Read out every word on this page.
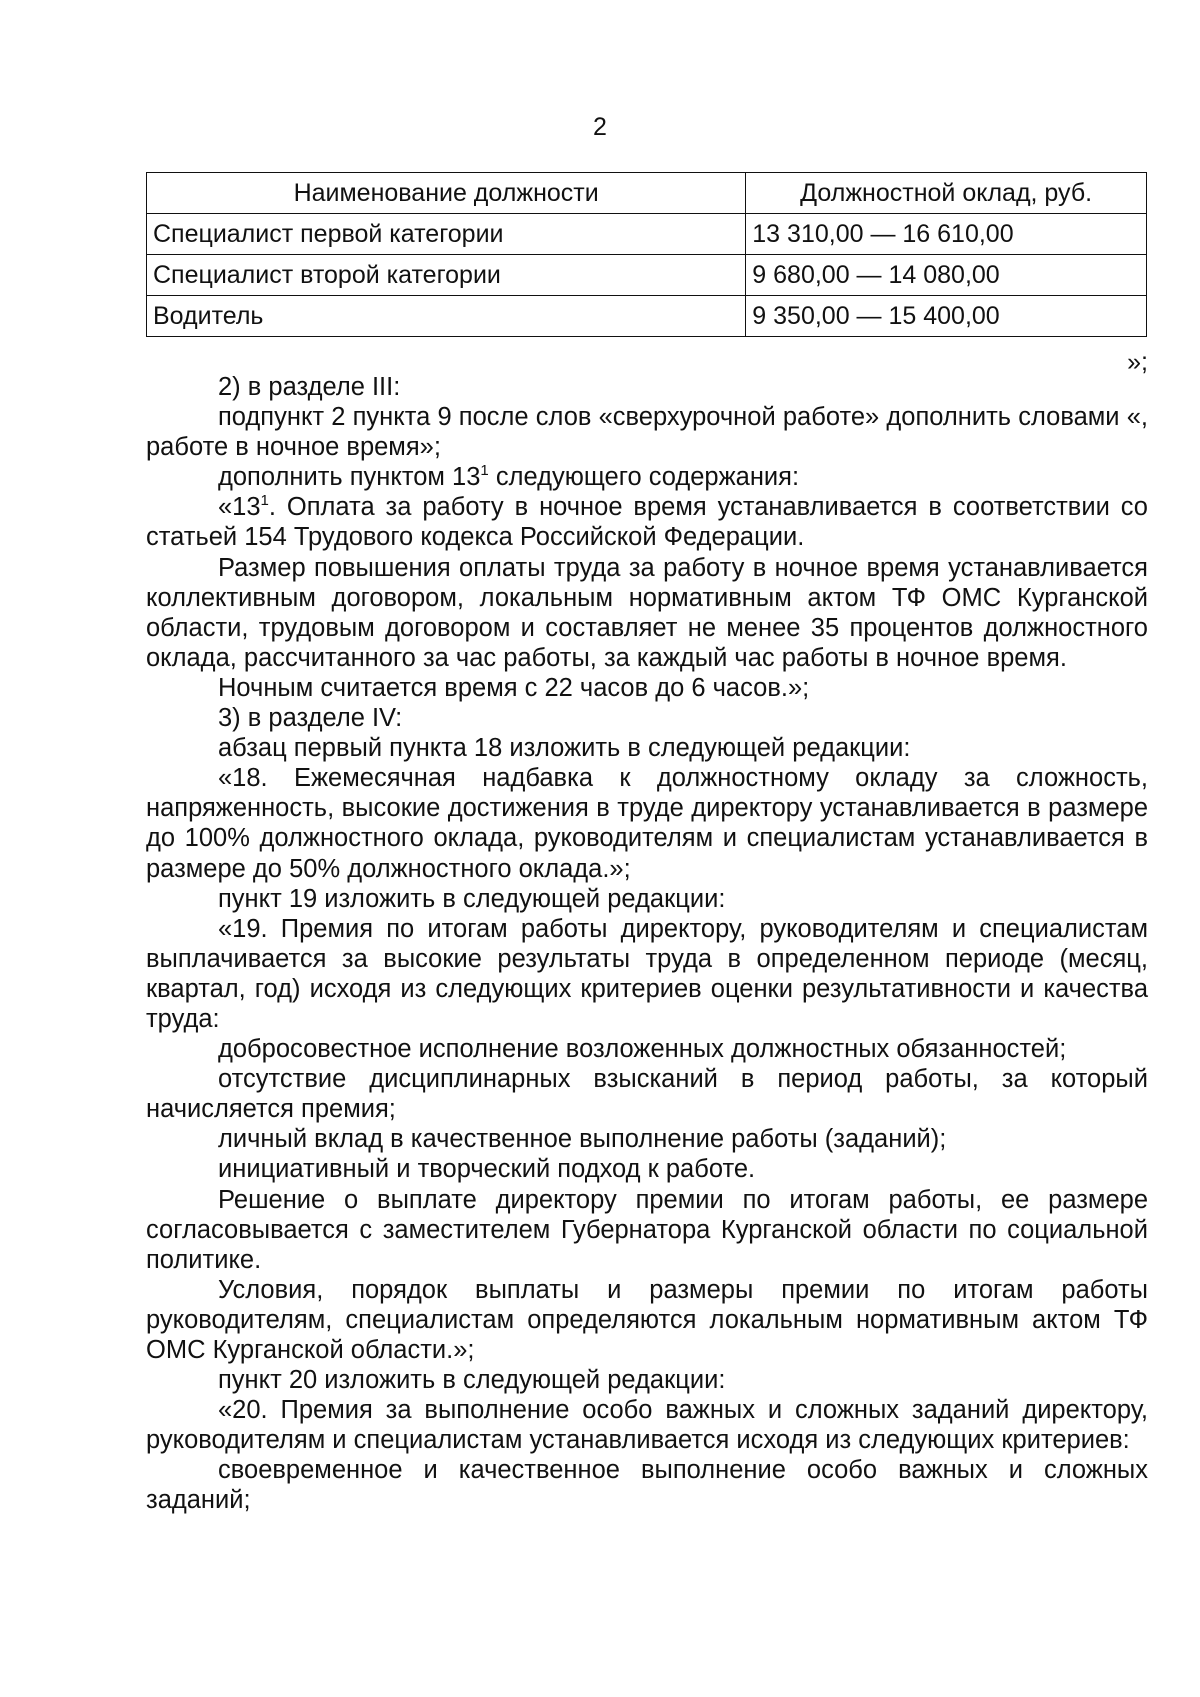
2
Наименование должности	Должностной оклад, руб.
Специалист первой категории	13 310,00 — 16 610,00
Специалист второй категории	9 680,00 — 14 080,00
Водитель	9 350,00 — 15 400,00
»;

2) в разделе III:

подпункт 2 пункта 9 после слов «сверхурочной работе» дополнить словами «, работе в ночное время»;

дополнить пунктом $13^1$ следующего содержания:

«$13^1$. Оплата за работу в ночное время устанавливается в соответствии со статьей 154 Трудового кодекса Российской Федерации.

Размер повышения оплаты труда за работу в ночное время устанавливается коллективным договором, локальным нормативным актом ТФ ОМС Курганской области, трудовым договором и составляет не менее 35 процентов должностного оклада, рассчитанного за час работы, за каждый час работы в ночное время.

Ночным считается время с 22 часов до 6 часов.»;

3) в разделе IV:

абзац первый пункта 18 изложить в следующей редакции:

«18. Ежемесячная надбавка к должностному окладу за сложность, напряженность, высокие достижения в труде директору устанавливается в размере до 100% должностного оклада, руководителям и специалистам устанавливается в размере до 50% должностного оклада.»;

пункт 19 изложить в следующей редакции:

«19. Премия по итогам работы директору, руководителям и специалистам выплачивается за высокие результаты труда в определенном периоде (месяц, квартал, год) исходя из следующих критериев оценки результативности и качества труда:

добросовестное исполнение возложенных должностных обязанностей;

отсутствие дисциплинарных взысканий в период работы, за который начисляется премия;

личный вклад в качественное выполнение работы (заданий);

инициативный и творческий подход к работе.

Решение о выплате директору премии по итогам работы, ее размере согласовывается с заместителем Губернатора Курганской области по социальной политике.

Условия, порядок выплаты и размеры премии по итогам работы руководителям, специалистам определяются локальным нормативным актом ТФ ОМС Курганской области.»;

пункт 20 изложить в следующей редакции:

«20. Премия за выполнение особо важных и сложных заданий директору, руководителям и специалистам устанавливается исходя из следующих критериев:

своевременное и качественное выполнение особо важных и сложных заданий;
